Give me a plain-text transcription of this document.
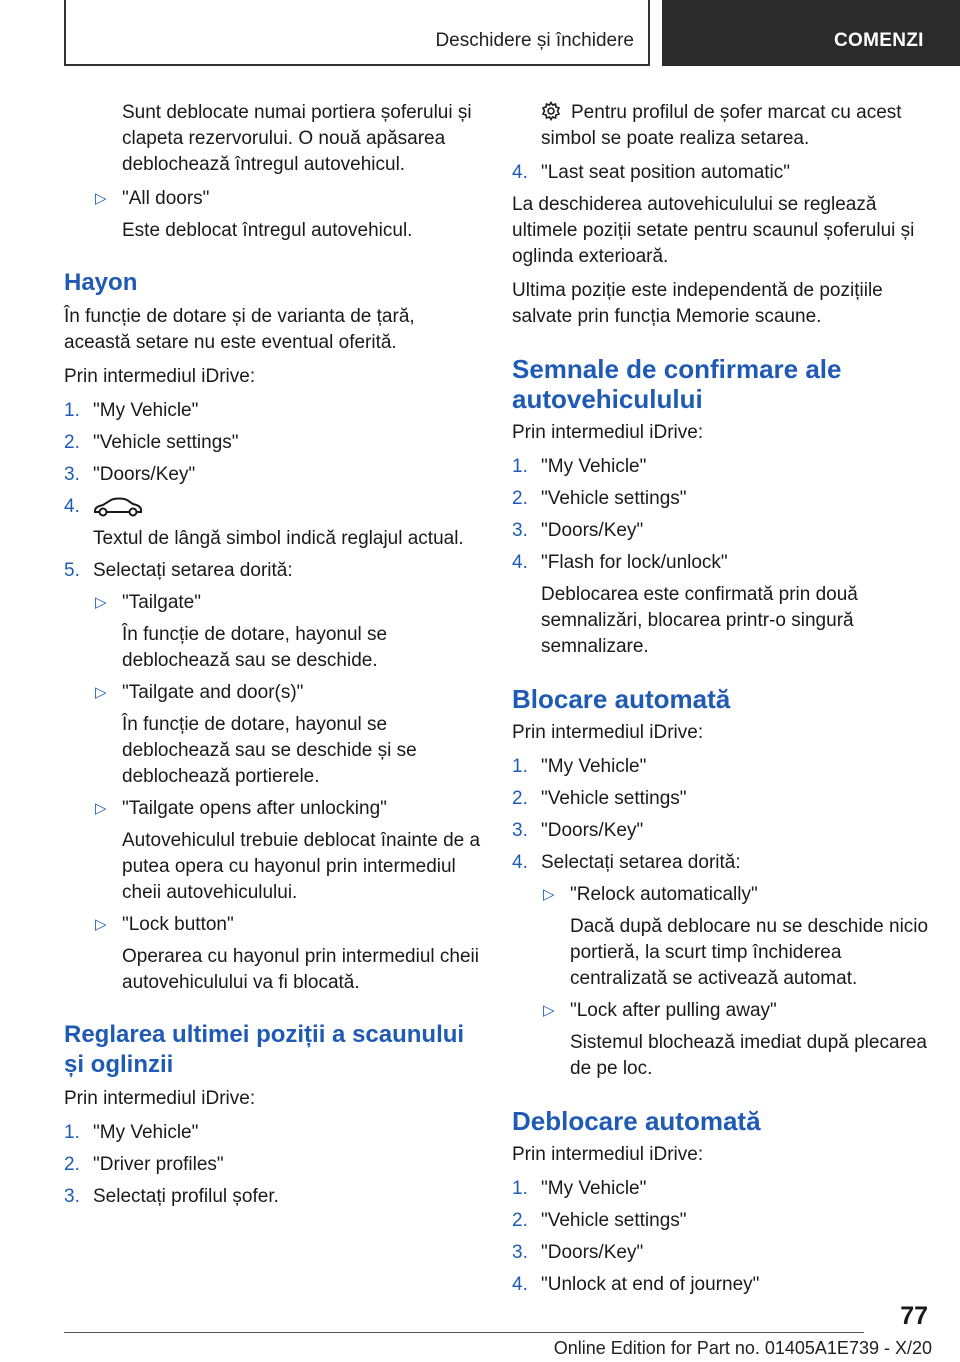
Deschidere și închidere	COMENZI

Sunt deblocate numai portiera șoferului și clapeta rezervorului. O nouă apăsarea deblochează întregul autovehicul.

▷ "All doors"
Este deblocat întregul autovehicul.
Hayon

În funcție de dotare și de varianta de țară, această setare nu este eventual oferită.

Prin intermediul iDrive:

1. "My Vehicle"
2. "Vehicle settings"
3. "Doors/Key"
4.
Textul de lângă simbol indică reglajul actual.
5. Selectați setarea dorită:
▷ "Tailgate"
În funcție de dotare, hayonul se deblochează sau se deschide.
▷ "Tailgate and door(s)"
În funcție de dotare, hayonul se deblochează sau se deschide și se deblochează portierele.
▷ "Tailgate opens after unlocking"
Autovehiculul trebuie deblocat înainte de a putea opera cu hayonul prin intermediul cheii autovehiculului.
▷ "Lock button"
Operarea cu hayonul prin intermediul cheii autovehiculului va fi blocată.
Reglarea ultimei poziții a scaunului și oglinzii

Prin intermediul iDrive:

1. "My Vehicle"
2. "Driver profiles"
3. Selectați profilul șofer.

Pentru profilul de șofer marcat cu acest simbol se poate realiza setarea.

4. "Last seat position automatic"

La deschiderea autovehiculului se reglează ultimele poziții setate pentru scaunul șoferului și oglinda exterioară.

Ultima poziție este independentă de pozițiile salvate prin funcția Memorie scaune.

Semnale de confirmare ale autovehiculului

Prin intermediul iDrive:

1. "My Vehicle"
2. "Vehicle settings"
3. "Doors/Key"
4. "Flash for lock/unlock"
Deblocarea este confirmată prin două semnalizări, blocarea printr-o singură semnalizare.
Blocare automată

Prin intermediul iDrive:

1. "My Vehicle"
2. "Vehicle settings"
3. "Doors/Key"
4. Selectați setarea dorită:
▷ "Relock automatically"
Dacă după deblocare nu se deschide nicio portieră, la scurt timp închiderea centralizată se activează automat.
▷ "Lock after pulling away"
Sistemul blochează imediat după plecarea de pe loc.
Deblocare automată

Prin intermediul iDrive:

1. "My Vehicle"
2. "Vehicle settings"
3. "Doors/Key"
4. "Unlock at end of journey"
77
Online Edition for Part no. 01405A1E739 - X/20
